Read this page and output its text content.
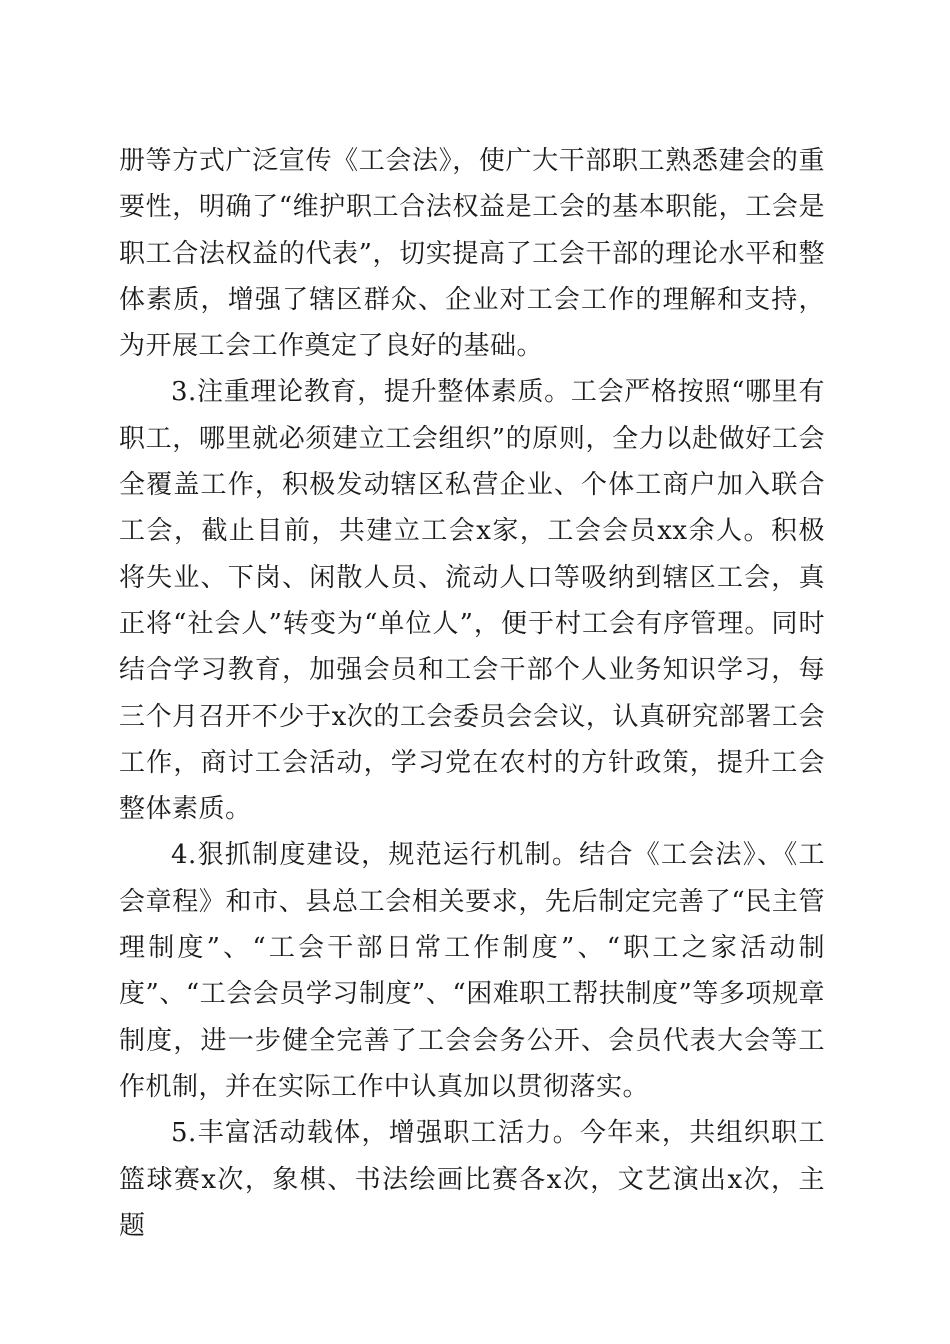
册等方式广泛宣传《工会法》，使广大干部职工熟悉建会的重要性，明确了“维护职工合法权益是工会的基本职能，工会是职工合法权益的代表”，切实提高了工会干部的理论水平和整体素质，增强了辖区群众、企业对工会工作的理解和支持，为开展工会工作奠定了良好的基础。

3.注重理论教育，提升整体素质。工会严格按照“哪里有职工，哪里就必须建立工会组织”的原则，全力以赴做好工会全覆盖工作，积极发动辖区私营企业、个体工商户加入联合工会，截止目前，共建立工会x家，工会会员xx余人。积极将失业、下岗、闲散人员、流动人口等吸纳到辖区工会，真正将“社会人”转变为“单位人”，便于村工会有序管理。同时结合学习教育，加强会员和工会干部个人业务知识学习，每三个月召开不少于x次的工会委员会会议，认真研究部署工会工作，商讨工会活动，学习党在农村的方针政策，提升工会整体素质。

4.狠抓制度建设，规范运行机制。结合《工会法》、《工会章程》和市、县总工会相关要求，先后制定完善了“民主管理制度”、“工会干部日常工作制度”、“职工之家活动制度”、“工会会员学习制度”、“困难职工帮扶制度”等多项规章制度，进一步健全完善了工会会务公开、会员代表大会等工作机制，并在实际工作中认真加以贯彻落实。

5.丰富活动载体，增强职工活力。今年来，共组织职工篮球赛x次，象棋、书法绘画比赛各x次，文艺演出x次，主题
